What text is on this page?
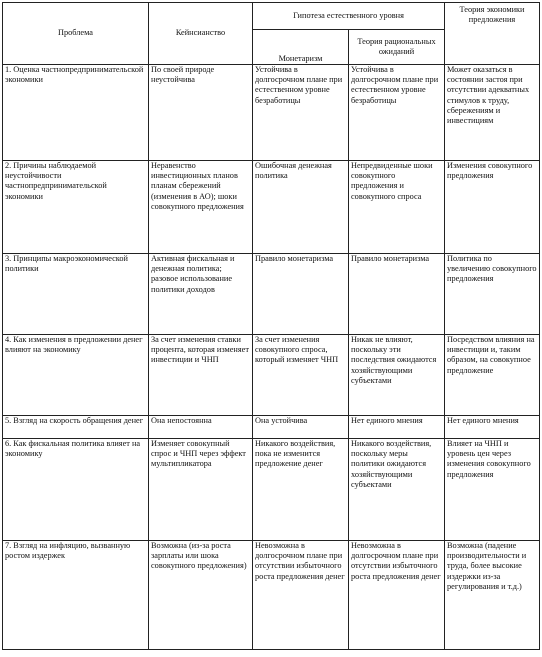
Проблема	Кейнсианство	Гипотеза естественного уровня		Теория экономики предложения
		Монетаризм	Теория рациональных ожиданий	
1. Оценка частнопредпринимательской экономики	По своей природе неустойчива	Устойчива в долгосрочном плане при естественном уровне безработицы	Устойчива в долгосрочном плане при естественном уровне безработицы	Может оказаться в состоянии застоя при отсутствии адекватных стимулов к труду, сбережениям и инвестициям
2. Причины наблюдаемой неустойчивости частнопредпринимательской экономики	Неравенство инвестиционных планов планам сбережений (изменения в АО); шоки совокупного предложения	Ошибочная денежная политика	Непредвиденные шоки совокупного предложения и совокупного спроса	Изменения совокупного предложения
3. Принципы макроэкономической политики	Активная фискальная и денежная политика; разовое использование политики доходов	Правило монетаризма	Правило монетаризма	Политика по увеличению совокупного предложения
4. Как изменения в предложении денег влияют на экономику	За счет изменения ставки процента, которая изменяет инвестиции и ЧНП	За счет изменения совокупного спроса, который изменяет ЧНП	Никак не влияют, поскольку эти последствия ожидаются хозяйствующими субъектами	Посредством влияния на инвестиции и, таким образом, на совокупное предложение
5. Взгляд на скорость обращения денег	Она непостоянна	Она устойчива	Нет единого мнения	Нет единого мнения
6. Как фискальная политика влияет на экономику	Изменяет совокупный спрос и ЧНП через эффект мультипликатора	Никакого воздействия, пока не изменится предложение денег	Никакого воздействия, поскольку меры политики ожидаются хозяйствующими субъектами	Влияет на ЧНП и уровень цен через изменения совокупного предложения
7. Взгляд на инфляцию, вызванную ростом издержек	Возможна (из-за роста зарплаты или шока совокупного предложения)	Невозможна в долгосрочном плане при отсутствии избыточного роста предложения денег	Невозможна в долгосрочном плане при отсутствии избыточного роста предложения денег	Возможна (падение производительности и труда, более высокие издержки из-за регулирования и т.д.)
